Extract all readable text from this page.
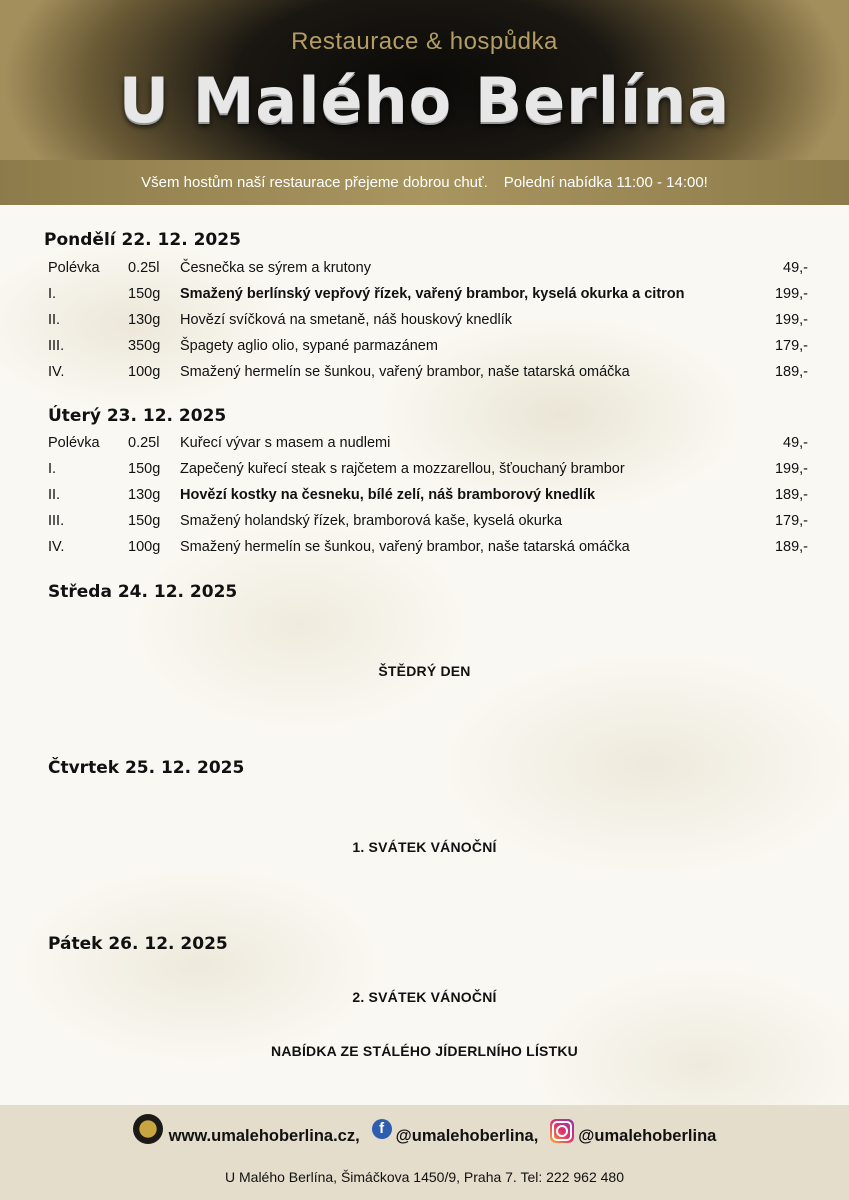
Restaurace & hospůdka
U Malého Berlína
Všem hostům naší restaurace přejeme dobrou chuť. Polední nabídka 11:00 - 14:00!
Pondělí 22. 12. 2025
Polévka 0.25l Česnečka se sýrem a krutony	49,-
I.	150g Smažený berlínský vepřový řízek, vařený brambor, kyselá okurka a citron	199,-
II.	130g Hovězí svíčková na smetaně, náš houskový knedlík	199,-
III.	350g Špagety aglio olio, sypané parmazánem	179,-
IV.	100g Smažený hermelín se šunkou, vařený brambor, naše tatarská omáčka	189,-
Úterý 23. 12. 2025
Polévka 0.25l Kuřecí vývar s masem a nudlemi	49,-
I.	150g Zapečený kuřecí steak s rajčetem a mozzarellou, šťouchaný brambor	199,-
II.	130g Hovězí kostky na česneku, bílé zelí, náš bramborový knedlík	189,-
III.	150g Smažený holandský řízek, bramborová kaše, kyselá okurka	179,-
IV.	100g Smažený hermelín se šunkou, vařený brambor, naše tatarská omáčka	189,-
Středa 24. 12. 2025
ŠTĚDRÝ DEN
Čtvrtek 25. 12. 2025
1. SVÁTEK VÁNOČNÍ
Pátek 26. 12. 2025
2. SVÁTEK VÁNOČNÍ
NABÍDKA ZE STÁLÉHO JÍDERLNÍHO LÍSTKU
www.umalehoberlina.cz,	f @umalehoberlina, @umalehoberlina
U Malého Berlína, Šimáčkova 1450/9, Praha 7. Tel: 222 962 480
